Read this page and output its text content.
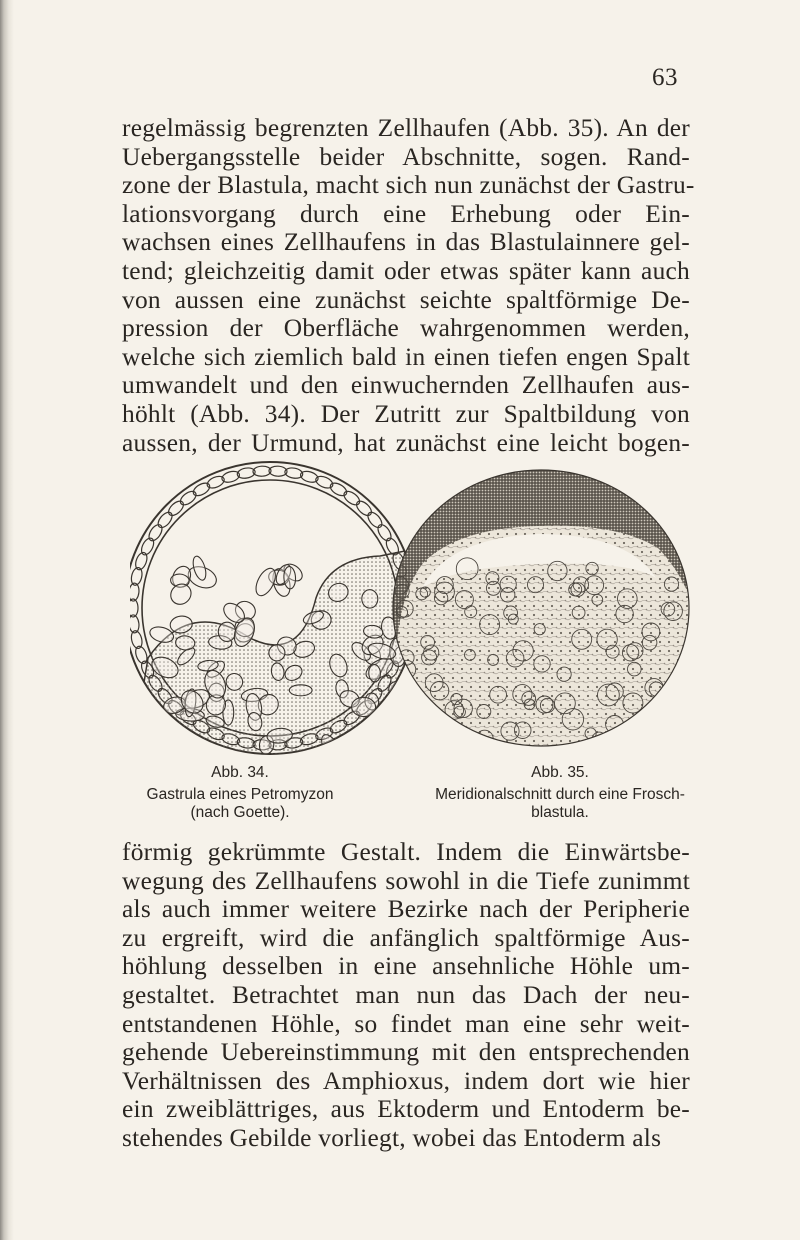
63

regelmässig begrenzten Zellhaufen (Abb. 35). An der
Uebergangsstelle beider Abschnitte, sogen. Rand-
zone der Blastula, macht sich nun zunächst der Gastru-
lationsvorgang durch eine Erhebung oder Ein-
wachsen eines Zellhaufens in das Blastulainnere gel-
tend; gleichzeitig damit oder etwas später kann auch
von aussen eine zunächst seichte spaltförmige De-
pression der Oberfläche wahrgenommen werden,
welche sich ziemlich bald in einen tiefen engen Spalt
umwandelt und den einwuchernden Zellhaufen aus-
höhlt (Abb. 34). Der Zutritt zur Spaltbildung von
aussen, der Urmund, hat zunächst eine leicht bogen-

Abb. 34.
Gastrula eines Petromyzon
(nach Goette).
Abb. 35.
Meridionalschnitt durch eine Frosch-
blastula.

förmig gekrümmte Gestalt. Indem die Einwärtsbe-
wegung des Zellhaufens sowohl in die Tiefe zunimmt
als auch immer weitere Bezirke nach der Peripherie
zu ergreift, wird die anfänglich spaltförmige Aus-
höhlung desselben in eine ansehnliche Höhle um-
gestaltet. Betrachtet man nun das Dach der neu-
entstandenen Höhle, so findet man eine sehr weit-
gehende Uebereinstimmung mit den entsprechenden
Verhältnissen des Amphioxus, indem dort wie hier
ein zweiblättriges, aus Ektoderm und Entoderm be-
stehendes Gebilde vorliegt, wobei das Entoderm als
